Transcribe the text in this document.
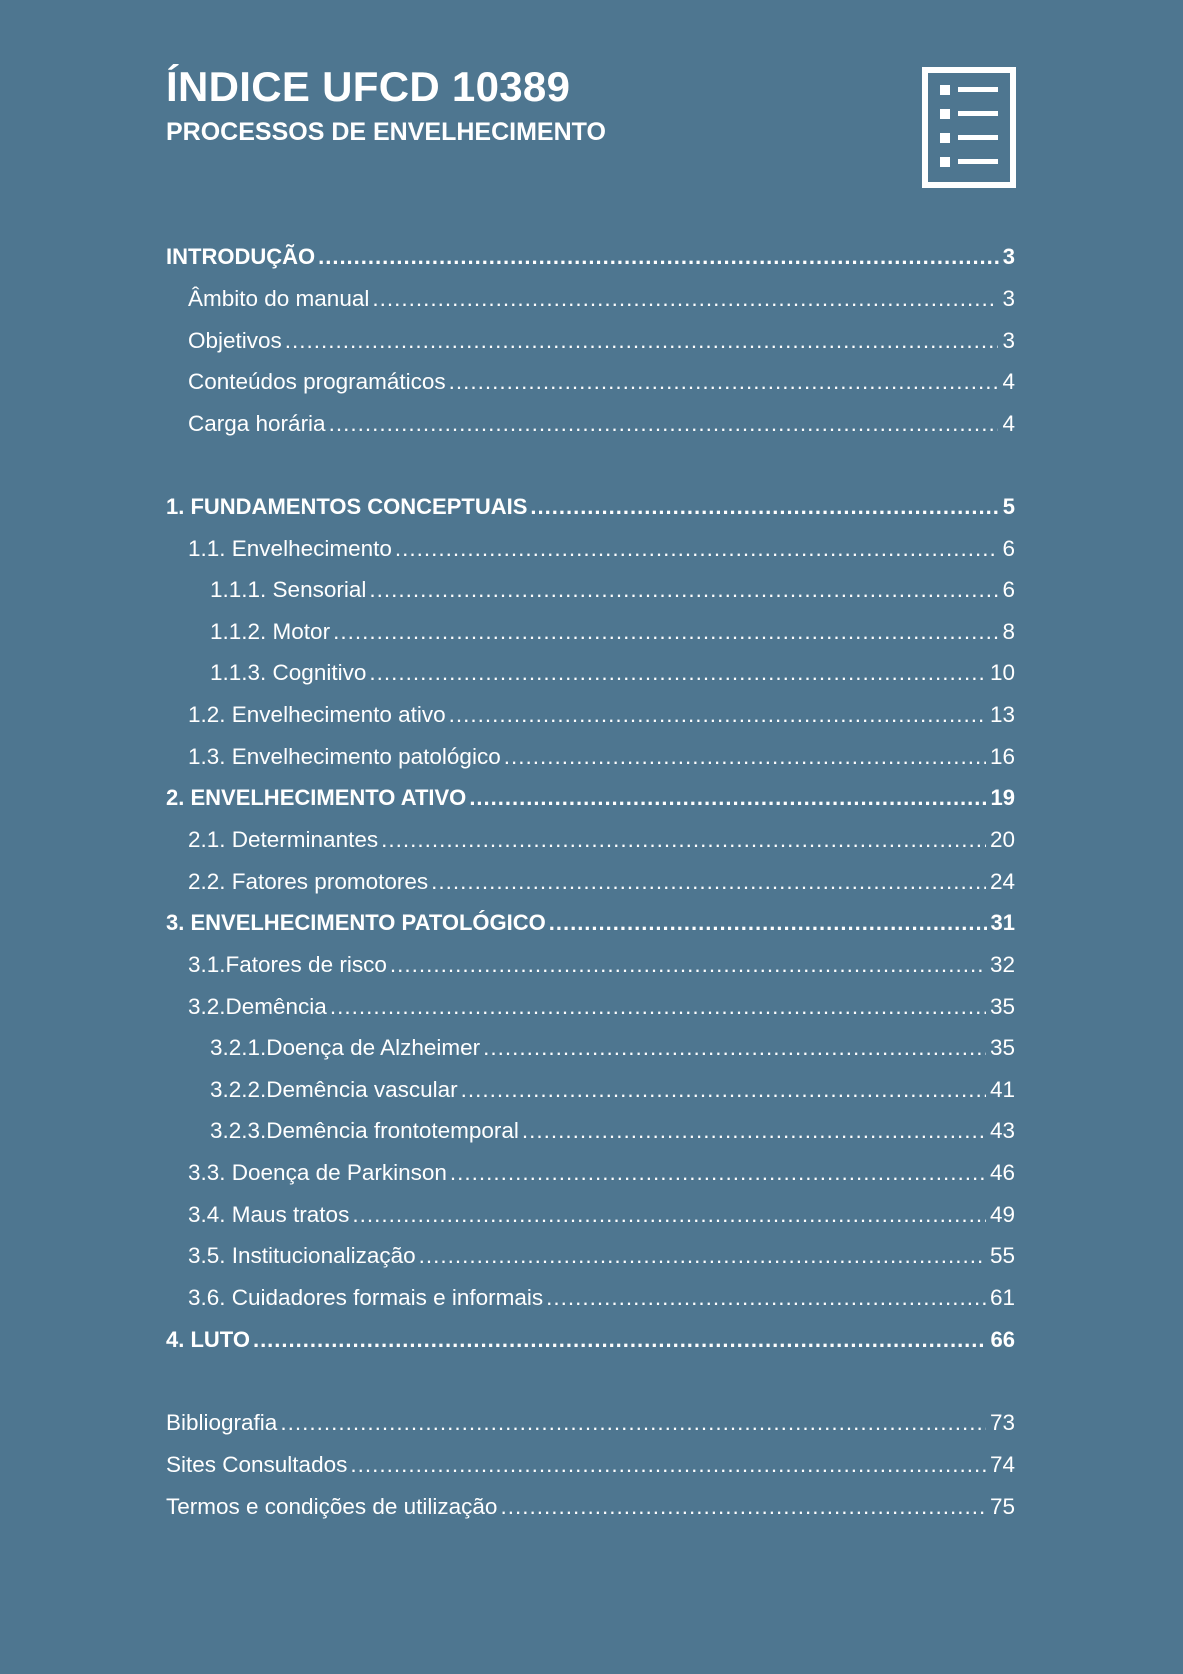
ÍNDICE UFCD 10389
PROCESSOS DE ENVELHECIMENTO
INTRODUÇÃO .....	3
Âmbito do manual .....	3
Objetivos .....	3
Conteúdos programáticos .....	4
Carga horária .....	4
1. FUNDAMENTOS CONCEPTUAIS .....	5
1.1. Envelhecimento .....	6
1.1.1. Sensorial .....	6
1.1.2. Motor .....	8
1.1.3. Cognitivo .....	10
1.2. Envelhecimento ativo .....	13
1.3. Envelhecimento patológico .....	16
2. ENVELHECIMENTO ATIVO .....	19
2.1. Determinantes .....	20
2.2. Fatores promotores .....	24
3. ENVELHECIMENTO PATOLÓGICO .....	31
3.1.Fatores de risco .....	32
3.2.Demência .....	35
3.2.1.Doença de Alzheimer .....	35
3.2.2.Demência vascular .....	41
3.2.3.Demência frontotemporal .....	43
3.3. Doença de Parkinson .....	46
3.4. Maus tratos .....	49
3.5. Institucionalização .....	55
3.6. Cuidadores formais e informais .....	61
4. LUTO .....	66
Bibliografia .....	73
Sites Consultados .....	74
Termos e condições de utilização .....	75
